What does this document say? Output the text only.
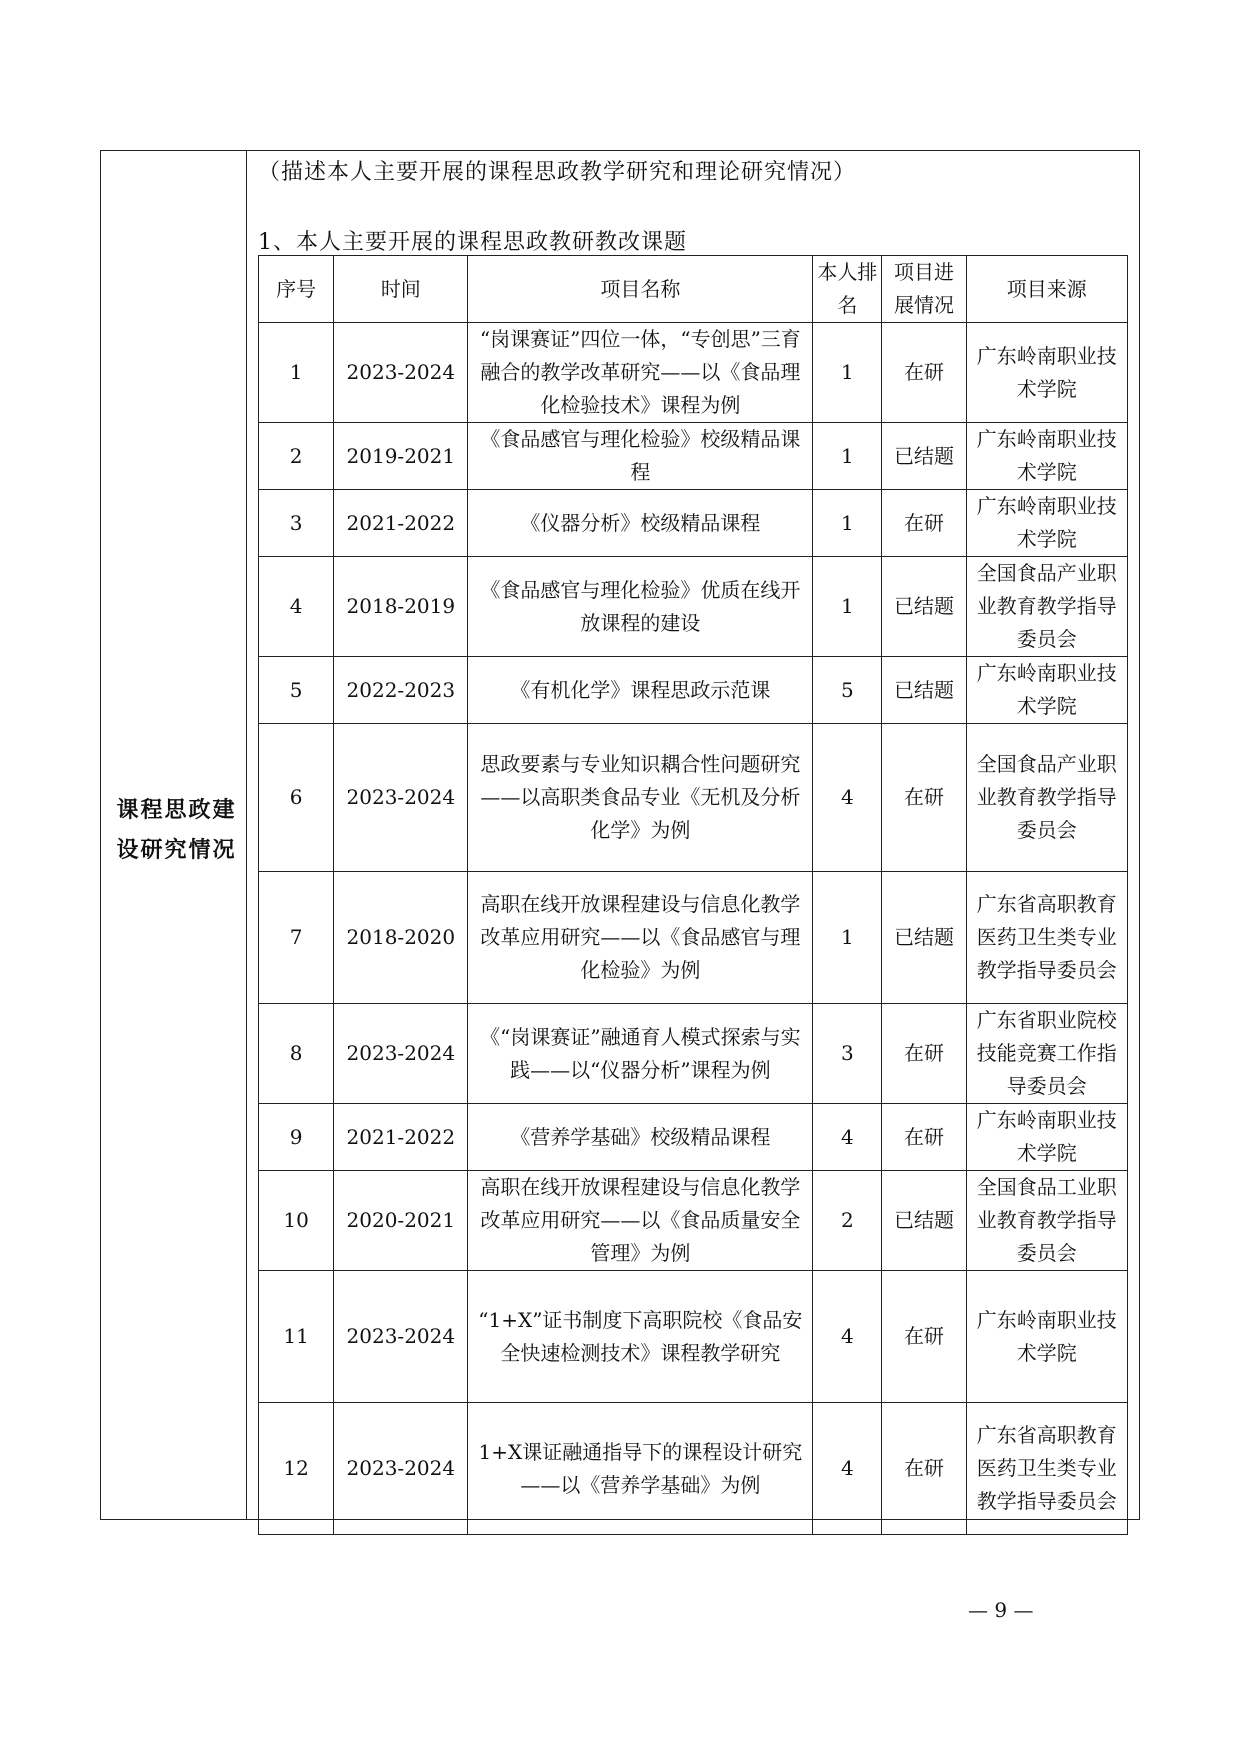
课程思政建设研究情况
（描述本人主要开展的课程思政教学研究和理论研究情况）
1、本人主要开展的课程思政教研教改课题
序号	时间	项目名称	本人排名	项目进展情况	项目来源
1	2023-2024	“岗课赛证”四位一体，“专创思”三育融合的教学改革研究——以《食品理化检验技术》课程为例	1	在研	广东岭南职业技术学院
2	2019-2021	《食品感官与理化检验》校级精品课程	1	已结题	广东岭南职业技术学院
3	2021-2022	《仪器分析》校级精品课程	1	在研	广东岭南职业技术学院
4	2018-2019	《食品感官与理化检验》优质在线开放课程的建设	1	已结题	全国食品产业职业教育教学指导委员会
5	2022-2023	《有机化学》课程思政示范课	5	已结题	广东岭南职业技术学院
6	2023-2024	思政要素与专业知识耦合性问题研究——以高职类食品专业《无机及分析化学》为例	4	在研	全国食品产业职业教育教学指导委员会
7	2018-2020	高职在线开放课程建设与信息化教学改革应用研究——以《食品感官与理化检验》为例	1	已结题	广东省高职教育医药卫生类专业教学指导委员会
8	2023-2024	《“岗课赛证”融通育人模式探索与实践——以“仪器分析”课程为例	3	在研	广东省职业院校技能竞赛工作指导委员会
9	2021-2022	《营养学基础》校级精品课程	4	在研	广东岭南职业技术学院
10	2020-2021	高职在线开放课程建设与信息化教学改革应用研究——以《食品质量安全管理》为例	2	已结题	全国食品工业职业教育教学指导委员会
11	2023-2024	“1+X”证书制度下高职院校《食品安全快速检测技术》课程教学研究	4	在研	广东岭南职业技术学院
12	2023-2024	1+X课证融通指导下的课程设计研究——以《营养学基础》为例	4	在研	广东省高职教育医药卫生类专业教学指导委员会
— 9 —
